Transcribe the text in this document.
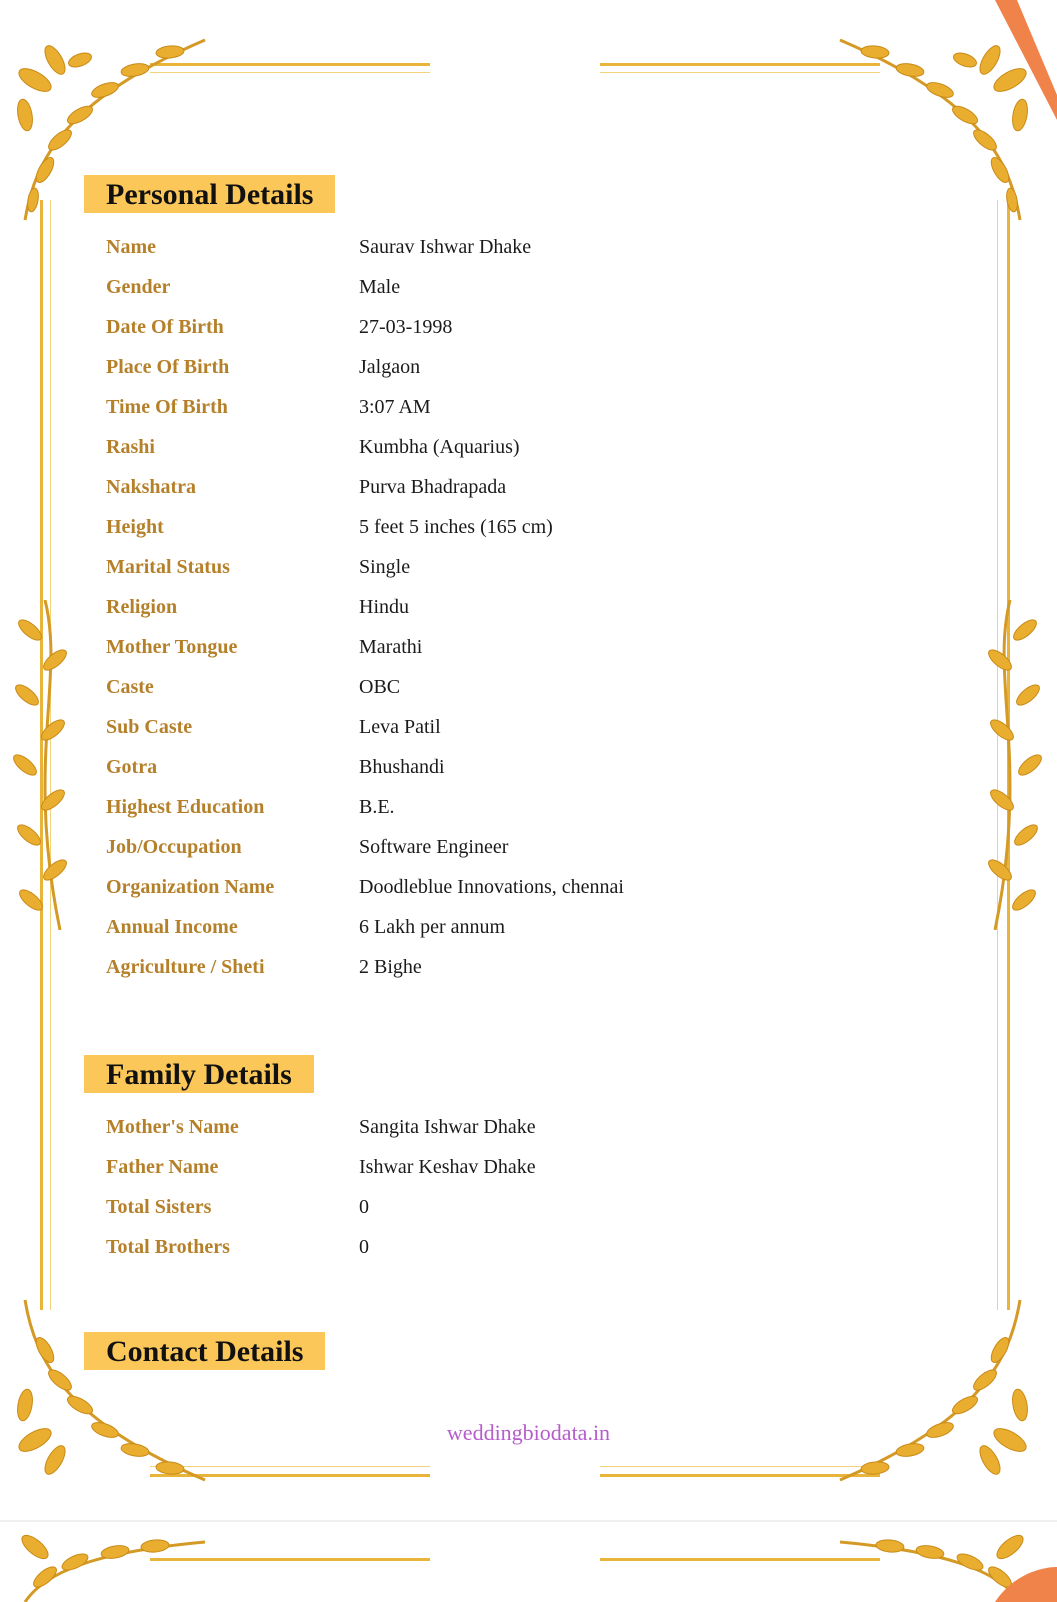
Personal Details
Name	Saurav Ishwar Dhake
Gender	Male
Date Of Birth	27-03-1998
Place Of Birth	Jalgaon
Time Of Birth	3:07 AM
Rashi	Kumbha (Aquarius)
Nakshatra	Purva Bhadrapada
Height	5 feet 5 inches (165 cm)
Marital Status	Single
Religion	Hindu
Mother Tongue	Marathi
Caste	OBC
Sub Caste	Leva Patil
Gotra	Bhushandi
Highest Education	B.E.
Job/Occupation	Software Engineer
Organization Name	Doodleblue Innovations, chennai
Annual Income	6 Lakh per annum
Agriculture / Sheti	2 Bighe
Family Details
Mother's Name	Sangita Ishwar Dhake
Father Name	Ishwar Keshav Dhake
Total Sisters	0
Total Brothers	0
Contact Details
weddingbiodata.in
